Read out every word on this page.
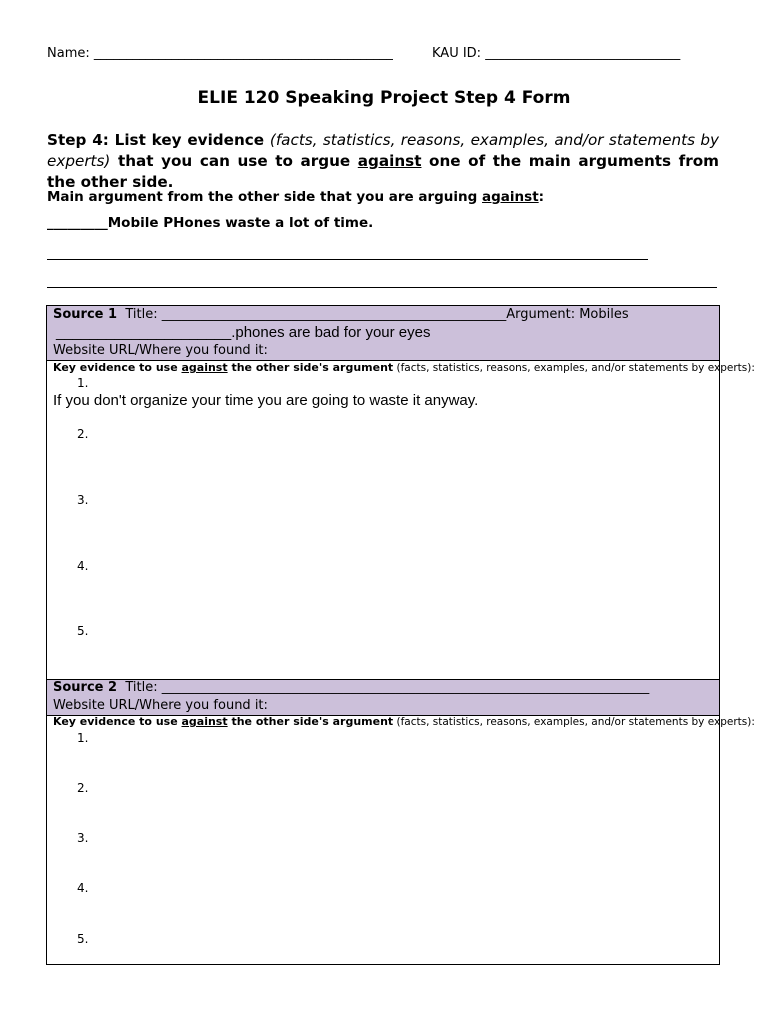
Name: ______________________________________________	KAU ID: ______________________________
ELIE 120 Speaking Project Step 4 Form
Step 4: List key evidence (facts, statistics, reasons, examples, and/or statements by experts) that you can use to argue against one of the main arguments from the other side.
Main argument from the other side that you are arguing against:
_________Mobile PHones waste a lot of time.
Source 1 Title: _____________________________________________________Argument: Mobiles
_____________________.phones are bad for your eyes
Website URL/Where you found it:
Key evidence to use against the other side's argument (facts, statistics, reasons, examples, and/or statements by experts):
1.
If you don't organize your time you are going to waste it anyway.
2.
3.
4.
5.
Source 2 Title: ___________________________________________________________________________
Website URL/Where you found it:
Key evidence to use against the other side's argument (facts, statistics, reasons, examples, and/or statements by experts):
1.
2.
3.
4.
5.
